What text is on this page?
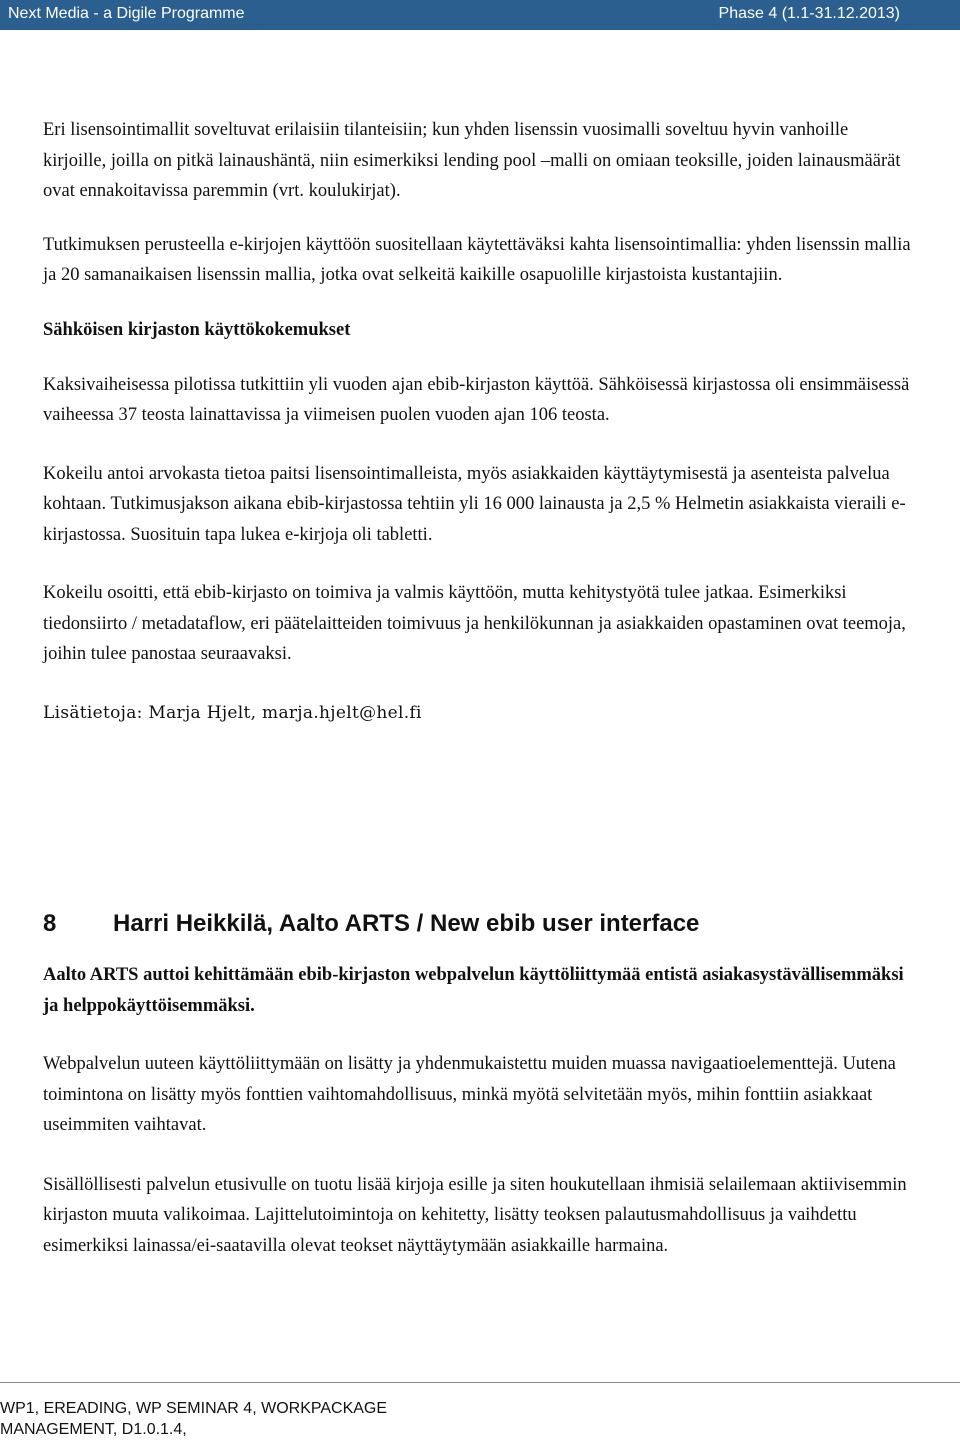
Next Media - a Digile Programme	Phase 4 (1.1-31.12.2013)

Eri lisensointimallit soveltuvat erilaisiin tilanteisiin; kun yhden lisenssin vuosimalli soveltuu hyvin vanhoille kirjoille, joilla on pitkä lainaushäntä, niin esimerkiksi lending pool –malli on omiaan teoksille, joiden lainausmäärät ovat ennakoitavissa paremmin (vrt. koulukirjat).

Tutkimuksen perusteella e-kirjojen käyttöön suositellaan käytettäväksi kahta lisensointimallia: yhden lisenssin mallia ja 20 samanaikaisen lisenssin mallia, jotka ovat selkeitä kaikille osapuolille kirjastoista kustantajiin.

Sähköisen kirjaston käyttökokemukset

Kaksivaiheisessa pilotissa tutkittiin yli vuoden ajan ebib-kirjaston käyttöä. Sähköisessä kirjastossa oli ensimmäisessä vaiheessa 37 teosta lainattavissa ja viimeisen puolen vuoden ajan 106 teosta.

Kokeilu antoi arvokasta tietoa paitsi lisensointimalleista, myös asiakkaiden käyttäytymisestä ja asenteista palvelua kohtaan. Tutkimusjakson aikana ebib-kirjastossa tehtiin yli 16 000 lainausta ja 2,5 % Helmetin asiakkaista vieraili e-kirjastossa. Suosituin tapa lukea e-kirjoja oli tabletti.

Kokeilu osoitti, että ebib-kirjasto on toimiva ja valmis käyttöön, mutta kehitystyötä tulee jatkaa. Esimerkiksi tiedonsiirto / metadataflow, eri päätelaitteiden toimivuus ja henkilökunnan ja asiakkaiden opastaminen ovat teemoja, joihin tulee panostaa seuraavaksi.

Lisätietoja: Marja Hjelt, marja.hjelt@hel.fi

8 Harri Heikkilä, Aalto ARTS / New ebib user interface

Aalto ARTS auttoi kehittämään ebib-kirjaston webpalvelun käyttöliittymää entistä asiakasystävällisemmäksi ja helppokäyttöisemmäksi.

Webpalvelun uuteen käyttöliittymään on lisätty ja yhdenmukaistettu muiden muassa navigaatioelementtejä. Uutena toimintona on lisätty myös fonttien vaihtomahdollisuus, minkä myötä selvitetään myös, mihin fonttiin asiakkaat useimmiten vaihtavat.

Sisällöllisesti palvelun etusivulle on tuotu lisää kirjoja esille ja siten houkutellaan ihmisiä selailemaan aktiivisemmin kirjaston muuta valikoimaa. Lajittelutoimintoja on kehitetty, lisätty teoksen palautusmahdollisuus ja vaihdettu esimerkiksi lainassa/ei-saatavilla olevat teokset näyttäytymään asiakkaille harmaina.

WP1, EREADING, WP SEMINAR 4, WORKPACKAGE
MANAGEMENT, D1.0.1.4,
